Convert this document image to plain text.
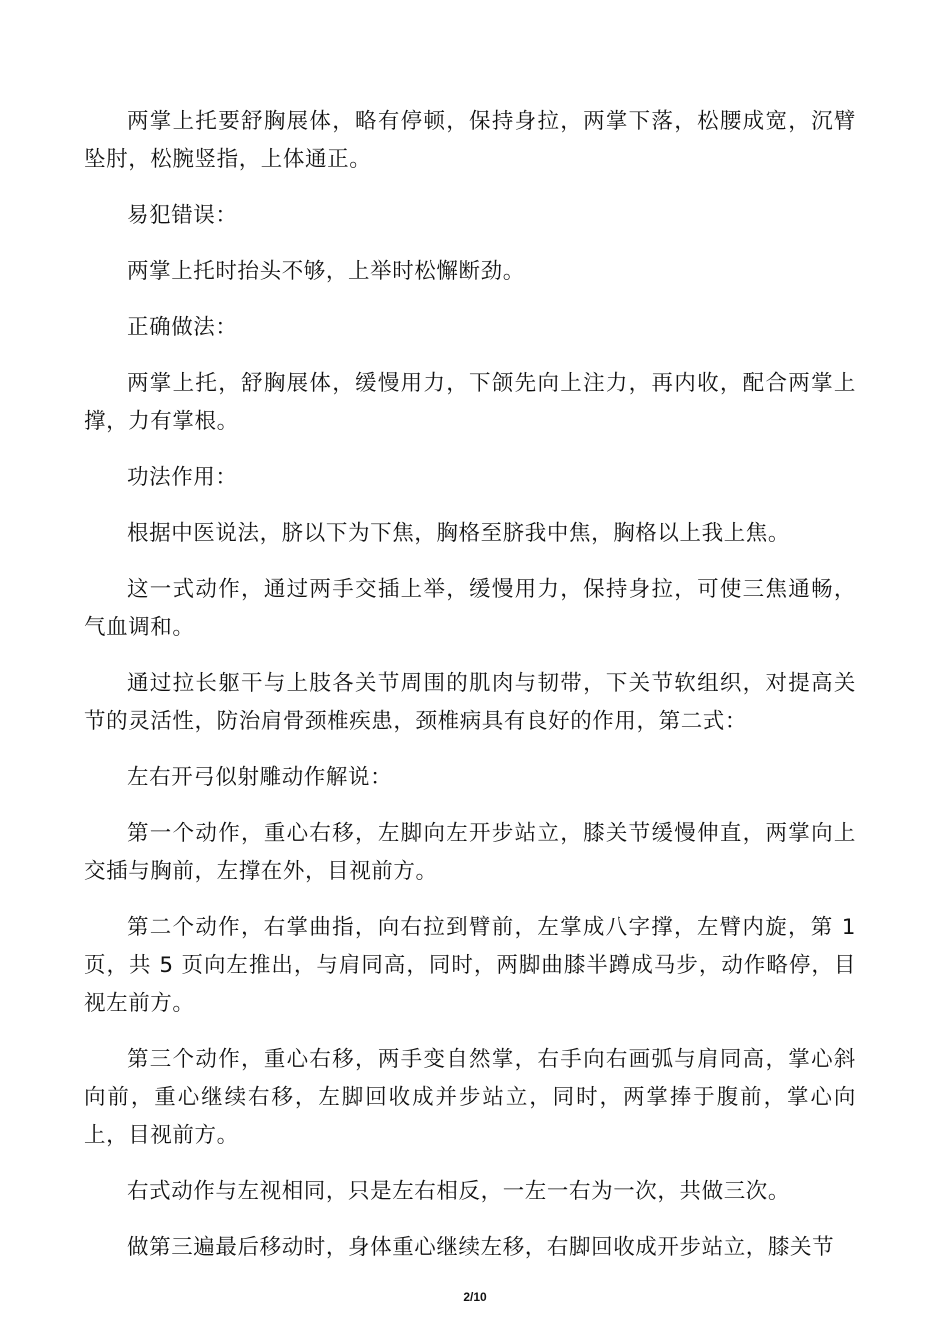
两掌上托要舒胸展体，略有停顿，保持身拉，两掌下落，松腰成宽，沉臂坠肘，松腕竖指，上体通正。

易犯错误：

两掌上托时抬头不够，上举时松懈断劲。

正确做法：

两掌上托，舒胸展体，缓慢用力，下颌先向上注力，再内收，配合两掌上撑，力有掌根。

功法作用：

根据中医说法，脐以下为下焦，胸格至脐我中焦，胸格以上我上焦。

这一式动作，通过两手交插上举，缓慢用力，保持身拉，可使三焦通畅，气血调和。

通过拉长躯干与上肢各关节周围的肌肉与韧带，下关节软组织，对提高关节的灵活性，防治肩骨颈椎疾患，颈椎病具有良好的作用，第二式：

左右开弓似射雕动作解说：

第一个动作，重心右移，左脚向左开步站立，膝关节缓慢伸直，两掌向上交插与胸前，左撑在外，目视前方。

第二个动作，右掌曲指，向右拉到臂前，左掌成八字撑，左臂内旋，第 1 页，共 5 页向左推出，与肩同高，同时，两脚曲膝半蹲成马步，动作略停，目视左前方。

第三个动作，重心右移，两手变自然掌，右手向右画弧与肩同高，掌心斜向前，重心继续右移，左脚回收成并步站立，同时，两掌捧于腹前，掌心向上，目视前方。

右式动作与左视相同，只是左右相反，一左一右为一次，共做三次。

做第三遍最后移动时，身体重心继续左移，右脚回收成开步站立，膝关节

2/10
